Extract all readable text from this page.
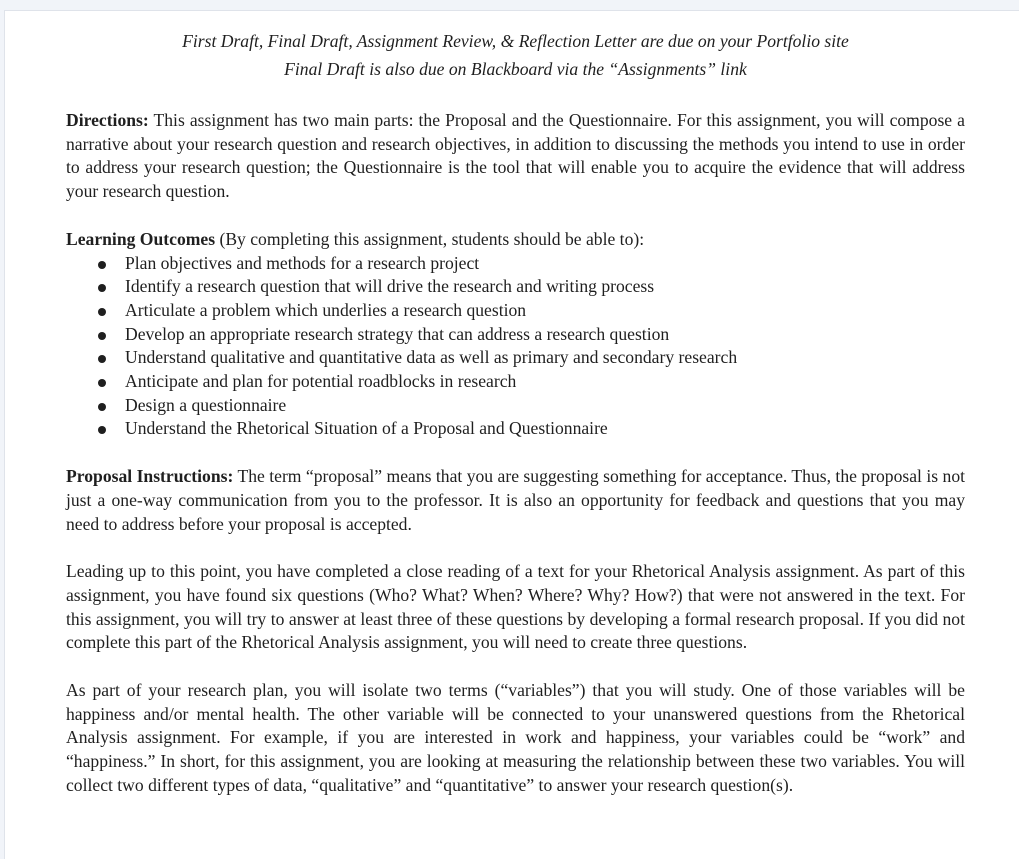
First Draft, Final Draft, Assignment Review, & Reflection Letter are due on your Portfolio site
Final Draft is also due on Blackboard via the “Assignments” link

Directions: This assignment has two main parts: the Proposal and the Questionnaire. For this assignment, you will compose a narrative about your research question and research objectives, in addition to discussing the methods you intend to use in order to address your research question; the Questionnaire is the tool that will enable you to acquire the evidence that will address your research question.

Learning Outcomes (By completing this assignment, students should be able to):

Plan objectives and methods for a research project
Identify a research question that will drive the research and writing process
Articulate a problem which underlies a research question
Develop an appropriate research strategy that can address a research question
Understand qualitative and quantitative data as well as primary and secondary research
Anticipate and plan for potential roadblocks in research
Design a questionnaire
Understand the Rhetorical Situation of a Proposal and Questionnaire

Proposal Instructions: The term “proposal” means that you are suggesting something for acceptance. Thus, the proposal is not just a one-way communication from you to the professor. It is also an opportunity for feedback and questions that you may need to address before your proposal is accepted.

Leading up to this point, you have completed a close reading of a text for your Rhetorical Analysis assignment. As part of this assignment, you have found six questions (Who? What? When? Where? Why? How?) that were not answered in the text. For this assignment, you will try to answer at least three of these questions by developing a formal research proposal. If you did not complete this part of the Rhetorical Analysis assignment, you will need to create three questions.

As part of your research plan, you will isolate two terms (“variables”) that you will study. One of those variables will be happiness and/or mental health. The other variable will be connected to your unanswered questions from the Rhetorical Analysis assignment. For example, if you are interested in work and happiness, your variables could be “work” and “happiness.” In short, for this assignment, you are looking at measuring the relationship between these two variables. You will collect two different types of data, “qualitative” and “quantitative” to answer your research question(s).
